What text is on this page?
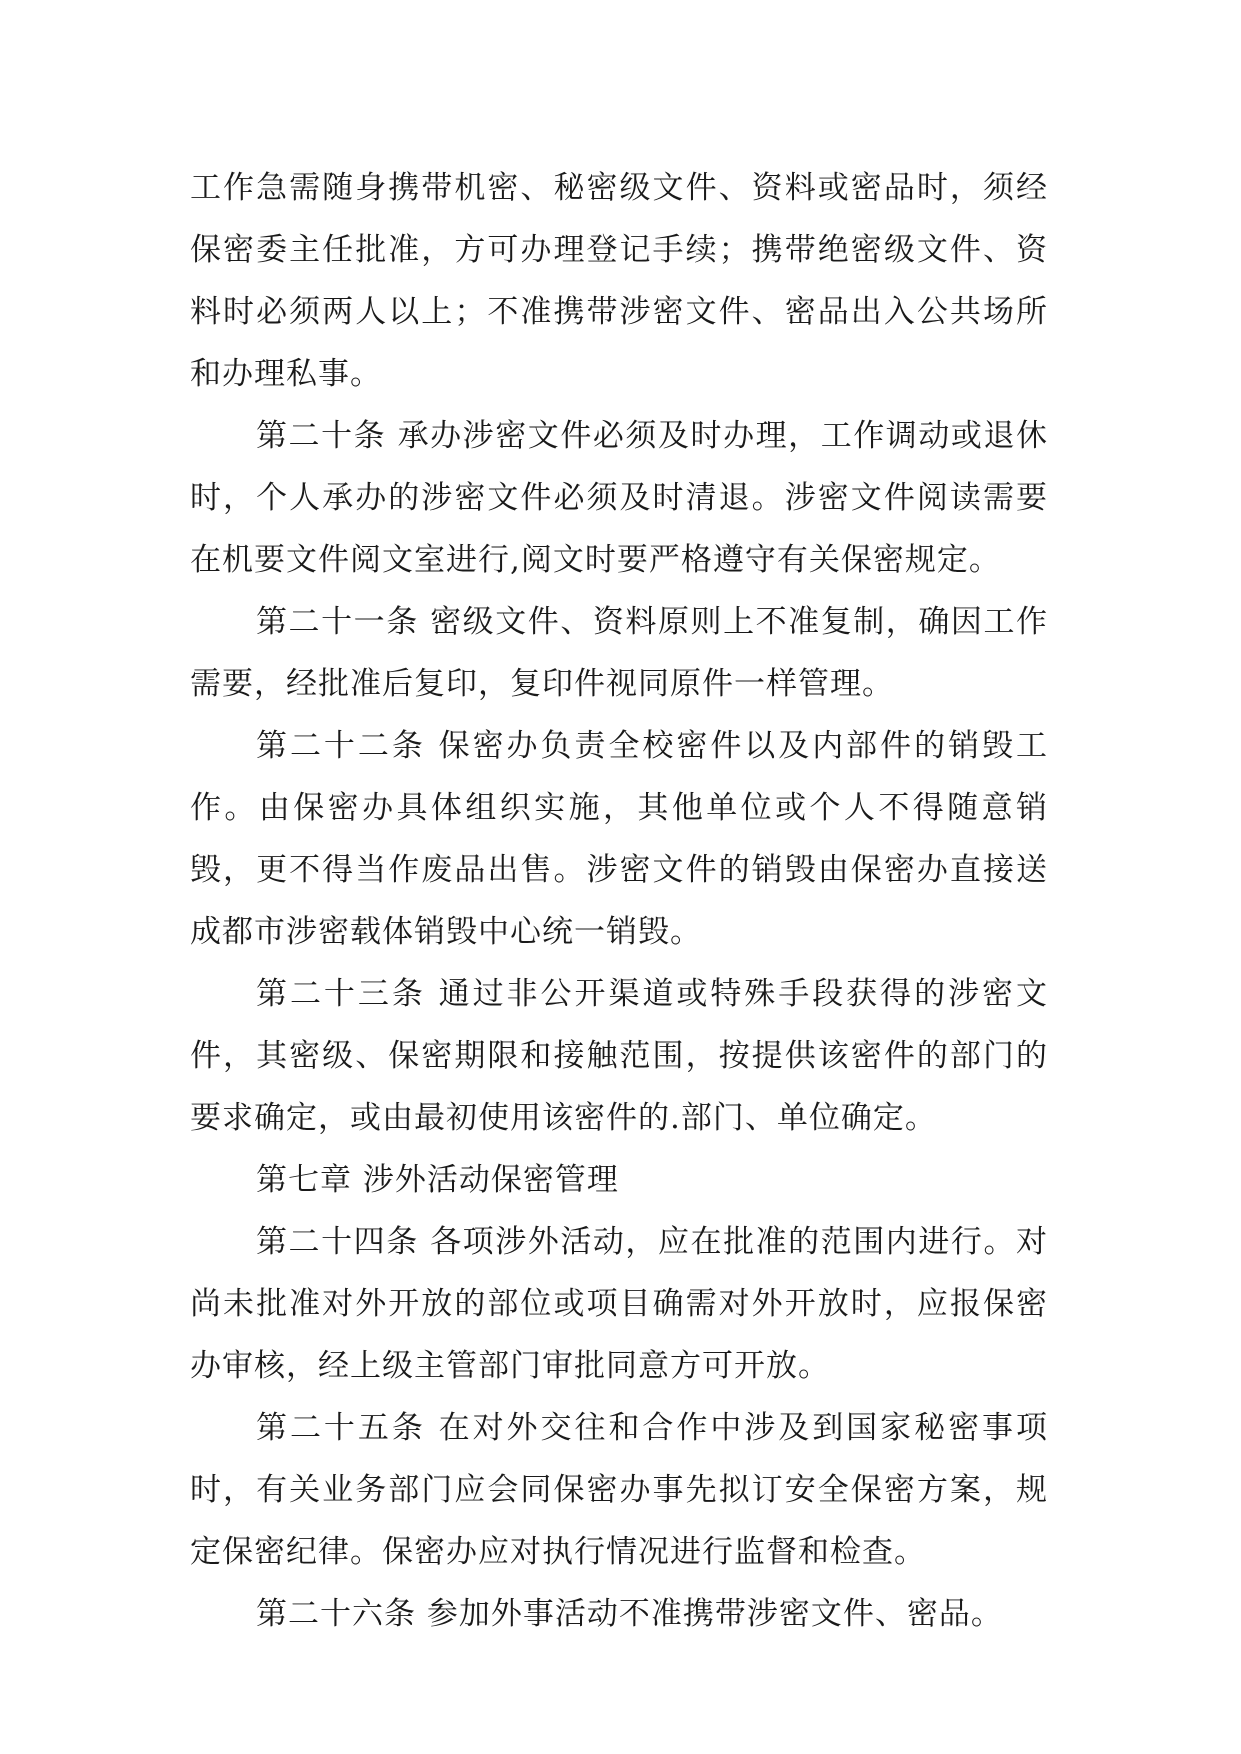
工作急需随身携带机密、秘密级文件、资料或密品时，须经保密委主任批准，方可办理登记手续；携带绝密级文件、资料时必须两人以上；不准携带涉密文件、密品出入公共场所和办理私事。

第二十条 承办涉密文件必须及时办理，工作调动或退休时，个人承办的涉密文件必须及时清退。涉密文件阅读需要在机要文件阅文室进行,阅文时要严格遵守有关保密规定。

第二十一条 密级文件、资料原则上不准复制，确因工作需要，经批准后复印，复印件视同原件一样管理。

第二十二条 保密办负责全校密件以及内部件的销毁工作。由保密办具体组织实施，其他单位或个人不得随意销毁，更不得当作废品出售。涉密文件的销毁由保密办直接送成都市涉密载体销毁中心统一销毁。

第二十三条 通过非公开渠道或特殊手段获得的涉密文件，其密级、保密期限和接触范围，按提供该密件的部门的要求确定，或由最初使用该密件的.部门、单位确定。

第七章 涉外活动保密管理

第二十四条 各项涉外活动，应在批准的范围内进行。对尚未批准对外开放的部位或项目确需对外开放时，应报保密办审核，经上级主管部门审批同意方可开放。

第二十五条 在对外交往和合作中涉及到国家秘密事项时，有关业务部门应会同保密办事先拟订安全保密方案，规定保密纪律。保密办应对执行情况进行监督和检查。

第二十六条 参加外事活动不准携带涉密文件、密品。
